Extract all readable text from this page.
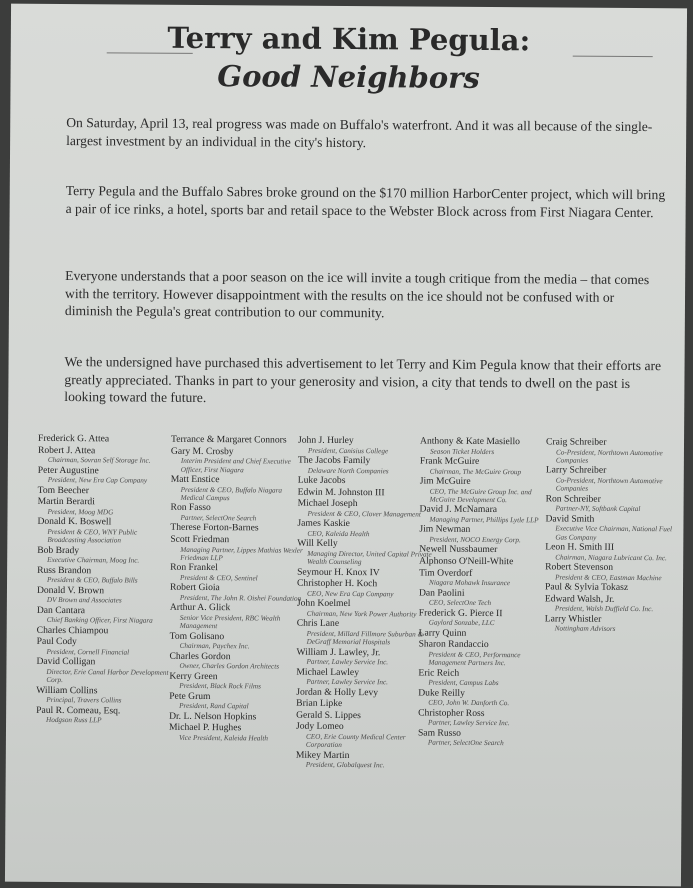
Terry and Kim Pegula:
Good Neighbors

On Saturday, April 13, real progress was made on Buffalo's waterfront. And it was all because of the single-largest investment by an individual in the city's history.

Terry Pegula and the Buffalo Sabres broke ground on the $170 million HarborCenter project, which will bring a pair of ice rinks, a hotel, sports bar and retail space to the Webster Block across from First Niagara Center.

Everyone understands that a poor season on the ice will invite a tough critique from the media – that comes with the territory. However disappointment with the results on the ice should not be confused with or diminish the Pegula's great contribution to our community.

We the undersigned have purchased this advertisement to let Terry and Kim Pegula know that their efforts are greatly appreciated. Thanks in part to your generosity and vision, a city that tends to dwell on the past is looking toward the future.

Frederick G. Attea
Robert J. Attea
Chairman, Sovran Self Storage Inc.
Peter Augustine
President, New Era Cap Company
Tom Beecher
Martin Berardi
President, Moog MDG
Donald K. Boswell
President & CEO, WNY Public Broadcasting Association
Bob Brady
Executive Chairman, Moog Inc.
Russ Brandon
President & CEO, Buffalo Bills
Donald V. Brown
DV Brown and Associates
Dan Cantara
Chief Banking Officer, First Niagara
Charles Chiampou
Paul Cody
President, Cornell Financial
David Colligan
Director, Erie Canal Harbor Development Corp.
William Collins
Principal, Travers Collins
Paul R. Comeau, Esq.
Hodgson Russ LLP
Terrance & Margaret Connors
Gary M. Crosby
Interim President and Chief Executive Officer, First Niagara
Matt Enstice
President & CEO, Buffalo Niagara Medical Campus
Ron Fasso
Partner, SelectOne Search
Therese Forton-Barnes
Scott Friedman
Managing Partner, Lippes Mathias Wexler Friedman LLP
Ron Frankel
President & CEO, Sentinel
Robert Gioia
President, The John R. Oishei Foundation
Arthur A. Glick
Senior Vice President, RBC Wealth Management
Tom Golisano
Chairman, Paychex Inc.
Charles Gordon
Owner, Charles Gordon Architects
Kerry Green
President, Black Rock Films
Pete Grum
President, Rand Capital
Dr. L. Nelson Hopkins
Michael P. Hughes
Vice President, Kaleida Health
John J. Hurley
President, Canisius College
The Jacobs Family
Delaware North Companies
Luke Jacobs
Edwin M. Johnston III
Michael Joseph
President & CEO, Clover Management
James Kaskie
CEO, Kaleida Health
Will Kelly
Managing Director, United Capital Private Wealth Counseling
Seymour H. Knox IV
Christopher H. Koch
CEO, New Era Cap Company
John Koelmel
Chairman, New York Power Authority
Chris Lane
President, Millard Fillmore Suburban & DeGraff Memorial Hospitals
William J. Lawley, Jr.
Partner, Lawley Service Inc.
Michael Lawley
Partner, Lawley Service Inc.
Jordan & Holly Levy
Brian Lipke
Gerald S. Lippes
Jody Lomeo
CEO, Erie County Medical Center Corporation
Mikey Martin
President, Globalquest Inc.
Anthony & Kate Masiello
Season Ticket Holders
Frank McGuire
Chairman, The McGuire Group
Jim McGuire
CEO, The McGuire Group Inc. and McGuire Development Co.
David J. McNamara
Managing Partner, Phillips Lytle LLP
Jim Newman
President, NOCO Energy Corp.
Newell Nussbaumer
Alphonso O'Neill-White
Tim Overdorf
Niagara Mohawk Insurance
Dan Paolini
CEO, SelectOne Tech
Frederick G. Pierce II
Gaylord Sonzabe, LLC
Larry Quinn
Sharon Randaccio
President & CEO, Performance Management Partners Inc.
Eric Reich
President, Campus Labs
Duke Reilly
CEO, John W. Danforth Co.
Christopher Ross
Partner, Lawley Service Inc.
Sam Russo
Partner, SelectOne Search
Craig Schreiber
Co-President, Northtown Automotive Companies
Larry Schreiber
Co-President, Northtown Automotive Companies
Ron Schreiber
Partner-NY, Softbank Capital
David Smith
Executive Vice Chairman, National Fuel Gas Company
Leon H. Smith III
Chairman, Niagara Lubricant Co. Inc.
Robert Stevenson
President & CEO, Eastman Machine
Paul & Sylvia Tokasz
Edward Walsh, Jr.
President, Walsh Duffield Co. Inc.
Larry Whistler
Nottingham Advisors
